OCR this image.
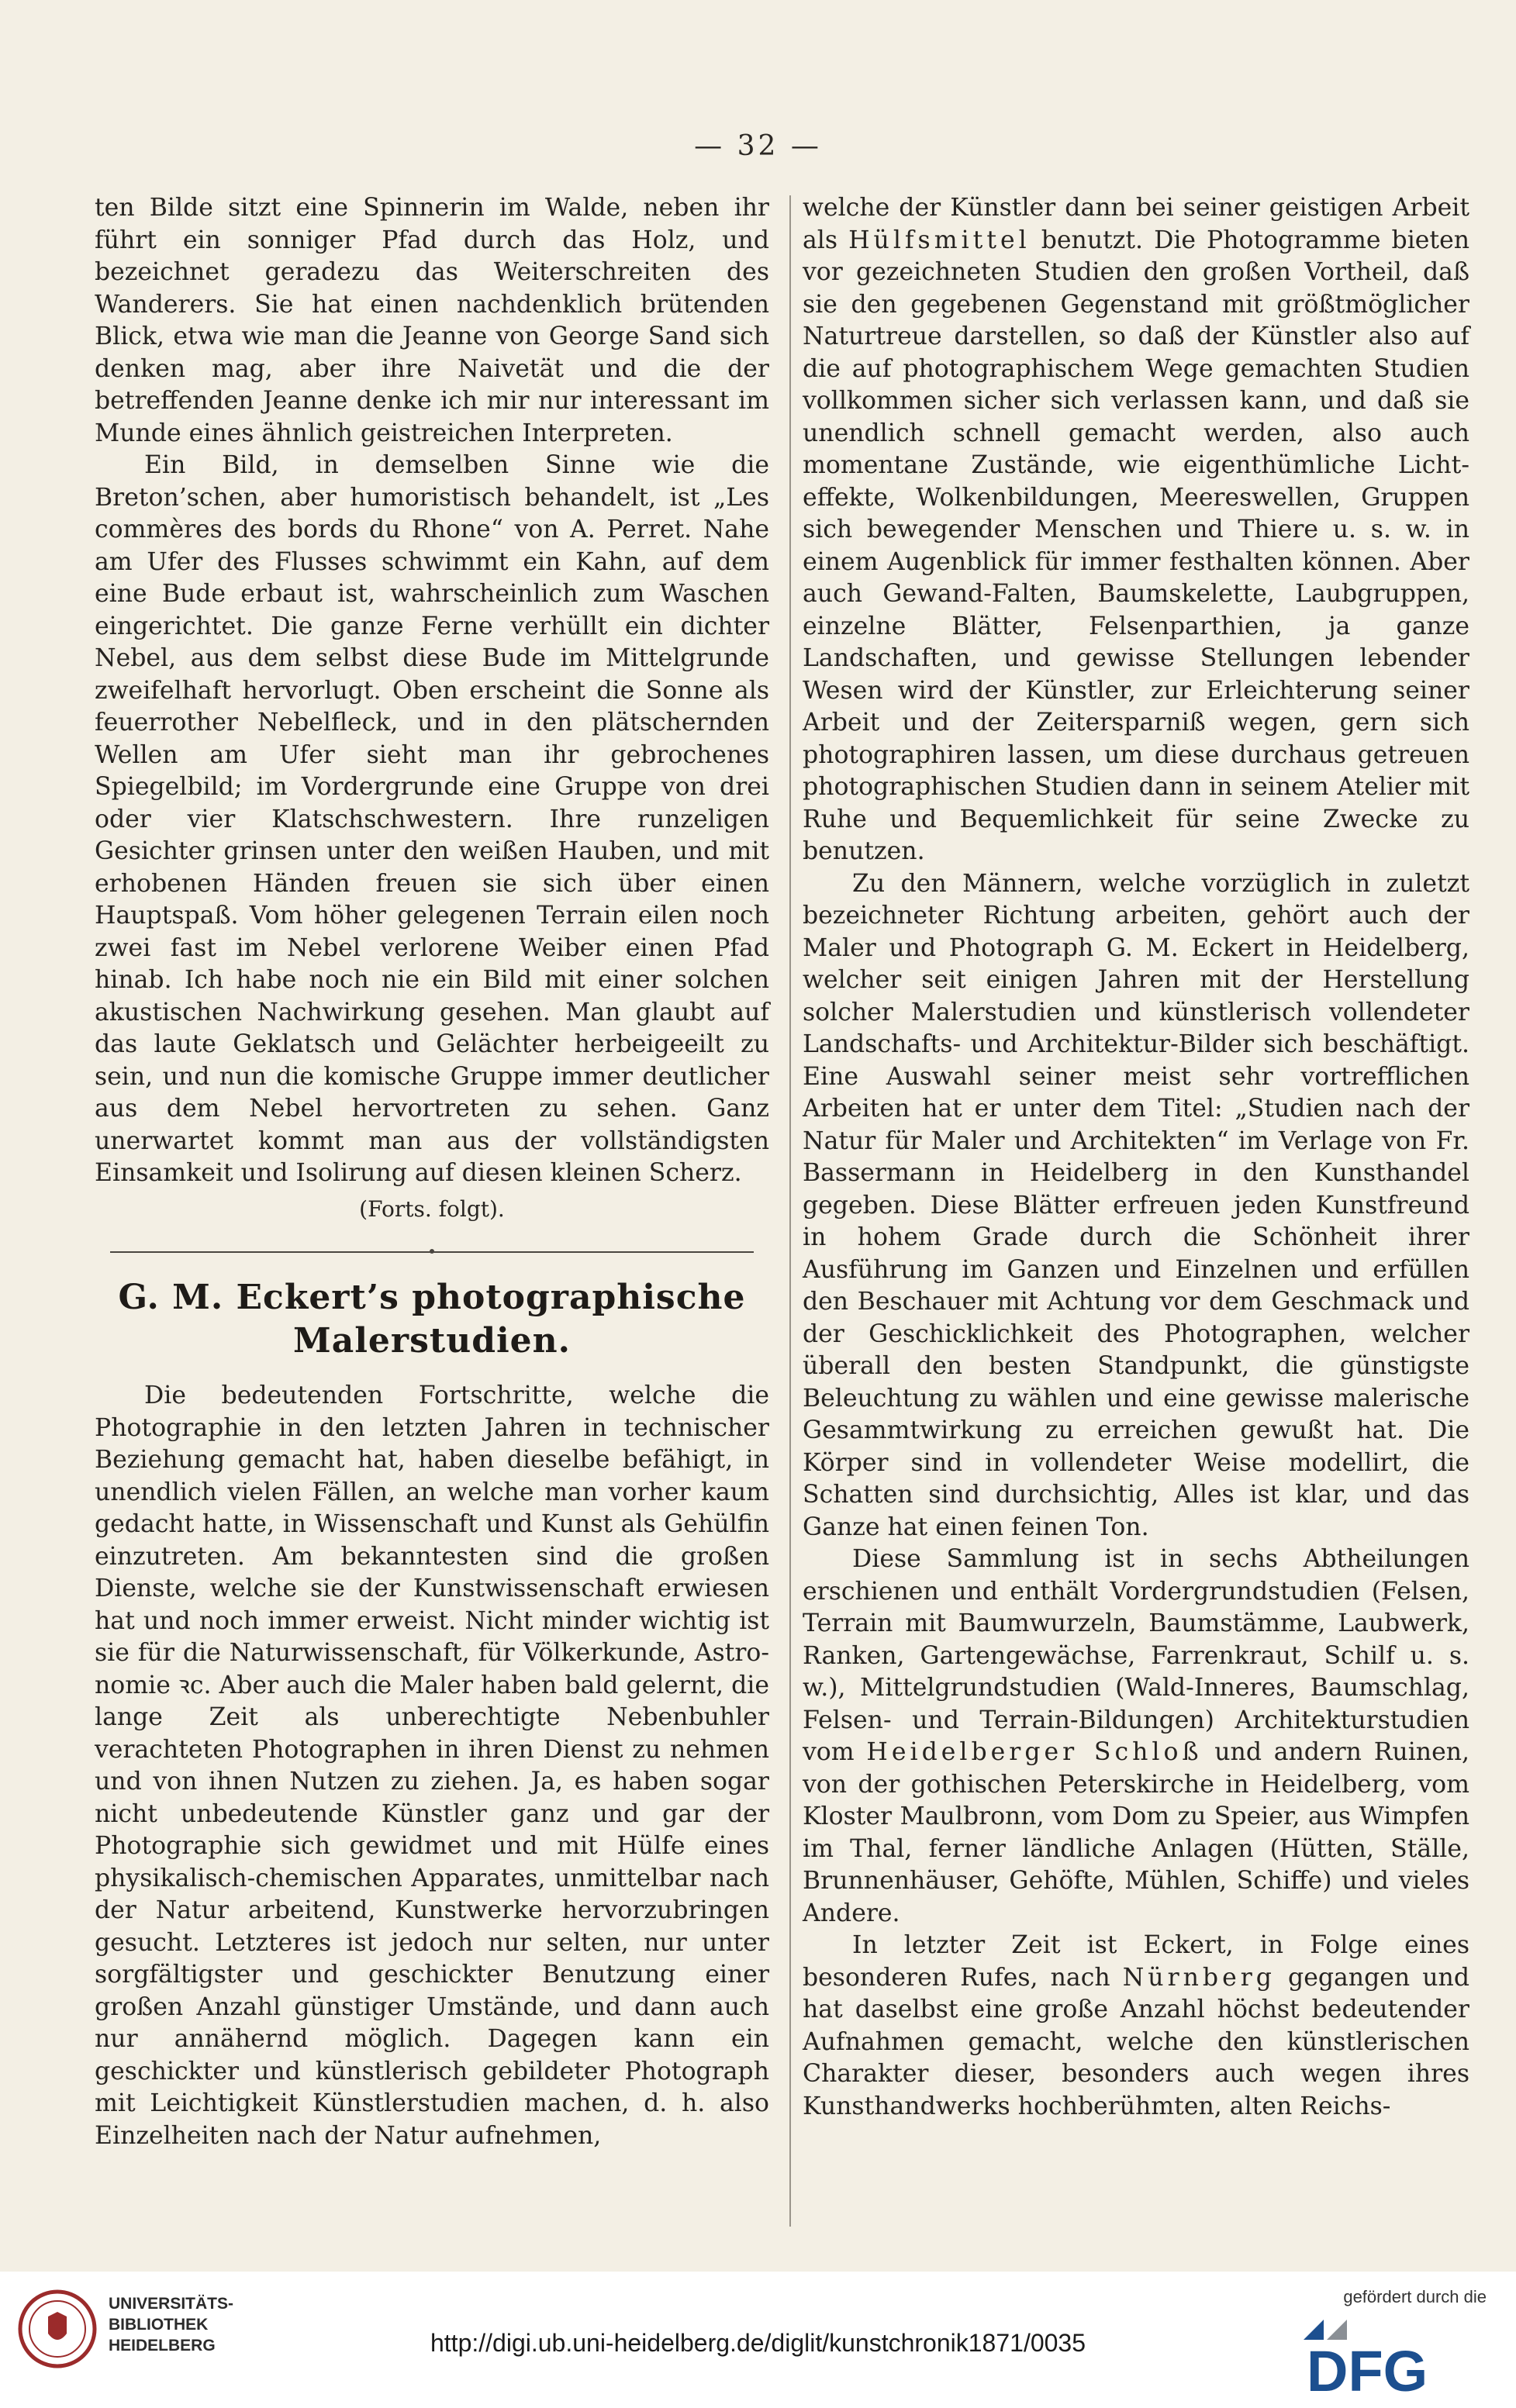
— 32 —

ten Bilde sitzt eine Spinnerin im Walde, neben ihr führt ein sonniger Pfad durch das Holz, und bezeichnet geradezu das Weiterschreiten des Wanderers. Sie hat einen nachdenklich brütenden Blick, etwa wie man die Jeanne von George Sand sich denken mag, aber ihre Naivetät und die der betreffenden Jeanne denke ich mir nur interessant im Munde eines ähnlich geistreichen Interpreten.

Ein Bild, in demselben Sinne wie die Breton’schen, aber humoristisch behandelt, ist „Les commères des bords du Rhone“ von A. Perret. Nahe am Ufer des Flusses schwimmt ein Kahn, auf dem eine Bude erbaut ist, wahrscheinlich zum Waschen eingerichtet. Die ganze Ferne verhüllt ein dichter Nebel, aus dem selbst diese Bude im Mittelgrunde zweifelhaft hervorlugt. Oben erscheint die Sonne als feuerrother Nebelfleck, und in den plätschernden Wellen am Ufer sieht man ihr gebrochenes Spiegelbild; im Vordergrunde eine Gruppe von drei oder vier Klatschschwestern. Ihre runzeligen Gesichter grinsen unter den weißen Hauben, und mit erhobenen Händen freuen sie sich über einen Hauptspaß. Vom höher gelegenen Terrain eilen noch zwei fast im Nebel verlorene Weiber einen Pfad hinab. Ich habe noch nie ein Bild mit einer solchen akustischen Nachwirkung gesehen. Man glaubt auf das laute Geklatsch und Gelächter herbeigeeilt zu sein, und nun die komische Gruppe immer deutlicher aus dem Nebel hervortreten zu sehen. Ganz unerwartet kommt man aus der vollständigsten Einsamkeit und Isolirung auf diesen kleinen Scherz.

(Forts. folgt).

G. M. Eckert’s photographische Malerstudien.

Die bedeutenden Fortschritte, welche die Photographie in den letzten Jahren in technischer Beziehung gemacht hat, haben dieselbe befähigt, in unendlich vielen Fällen, an welche man vorher kaum gedacht hatte, in Wissenschaft und Kunst als Gehülfin einzutreten. Am bekanntesten sind die großen Dienste, welche sie der Kunstwissenschaft erwiesen hat und noch immer erweist. Nicht minder wichtig ist sie für die Naturwissenschaft, für Völkerkunde, Astronomie ꝛc. Aber auch die Maler haben bald gelernt, die lange Zeit als unberechtigte Nebenbuhler verachteten Photographen in ihren Dienst zu nehmen und von ihnen Nutzen zu ziehen. Ja, es haben sogar nicht unbedeutende Künstler ganz und gar der Photographie sich gewidmet und mit Hülfe eines physikalisch-chemischen Apparates, unmittelbar nach der Natur arbeitend, Kunstwerke hervorzubringen gesucht. Letzteres ist jedoch nur selten, nur unter sorgfältigster und geschickter Benutzung einer großen Anzahl günstiger Umstände, und dann auch nur annähernd möglich. Dagegen kann ein geschickter und künstlerisch gebildeter Photograph mit Leichtigkeit Künstlerstudien machen, d. h. also Einzelheiten nach der Natur aufnehmen,

welche der Künstler dann bei seiner geistigen Arbeit als Hülfsmittel benutzt. Die Photogramme bieten vor gezeichneten Studien den großen Vortheil, daß sie den gegebenen Gegenstand mit größtmöglicher Naturtreue darstellen, so daß der Künstler also auf die auf photographischem Wege gemachten Studien vollkommen sicher sich verlassen kann, und daß sie unendlich schnell gemacht werden, also auch momentane Zustände, wie eigenthümliche Lichteffekte, Wolkenbildungen, Meereswellen, Gruppen sich bewegender Menschen und Thiere u. s. w. in einem Augenblick für immer festhalten können. Aber auch Gewand-Falten, Baumskelette, Laubgruppen, einzelne Blätter, Felsenparthien, ja ganze Landschaften, und gewisse Stellungen lebender Wesen wird der Künstler, zur Erleichterung seiner Arbeit und der Zeitersparniß wegen, gern sich photographiren lassen, um diese durchaus getreuen photographischen Studien dann in seinem Atelier mit Ruhe und Bequemlichkeit für seine Zwecke zu benutzen.

Zu den Männern, welche vorzüglich in zuletzt bezeichneter Richtung arbeiten, gehört auch der Maler und Photograph G. M. Eckert in Heidelberg, welcher seit einigen Jahren mit der Herstellung solcher Malerstudien und künstlerisch vollendeter Landschafts- und Architektur-Bilder sich beschäftigt. Eine Auswahl seiner meist sehr vortrefflichen Arbeiten hat er unter dem Titel: „Studien nach der Natur für Maler und Architekten“ im Verlage von Fr. Bassermann in Heidelberg in den Kunsthandel gegeben. Diese Blätter erfreuen jeden Kunstfreund in hohem Grade durch die Schönheit ihrer Ausführung im Ganzen und Einzelnen und erfüllen den Beschauer mit Achtung vor dem Geschmack und der Geschicklichkeit des Photographen, welcher überall den besten Standpunkt, die günstigste Beleuchtung zu wählen und eine gewisse malerische Gesammtwirkung zu erreichen gewußt hat. Die Körper sind in vollendeter Weise modellirt, die Schatten sind durchsichtig, Alles ist klar, und das Ganze hat einen feinen Ton.

Diese Sammlung ist in sechs Abtheilungen erschienen und enthält Vordergrundstudien (Felsen, Terrain mit Baumwurzeln, Baumstämme, Laubwerk, Ranken, Gartengewächse, Farrenkraut, Schilf u. s. w.), Mittelgrundstudien (Wald-Inneres, Baumschlag, Felsen- und Terrain-Bildungen) Architekturstudien vom Heidelberger Schloß und andern Ruinen, von der gothischen Peterskirche in Heidelberg, vom Kloster Maulbronn, vom Dom zu Speier, aus Wimpfen im Thal, ferner ländliche Anlagen (Hütten, Ställe, Brunnenhäuser, Gehöfte, Mühlen, Schiffe) und vieles Andere.

In letzter Zeit ist Eckert, in Folge eines besonderen Rufes, nach Nürnberg gegangen und hat daselbst eine große Anzahl höchst bedeutender Aufnahmen gemacht, welche den künstlerischen Charakter dieser, besonders auch wegen ihres Kunsthandwerks hochberühmten, alten Reichs-

UNIVERSITÄTS-
BIBLIOTHEK
HEIDELBERG	http://digi.ub.uni-heidelberg.de/diglit/kunstchronik1871/0035
gefördert durch die
DFG
